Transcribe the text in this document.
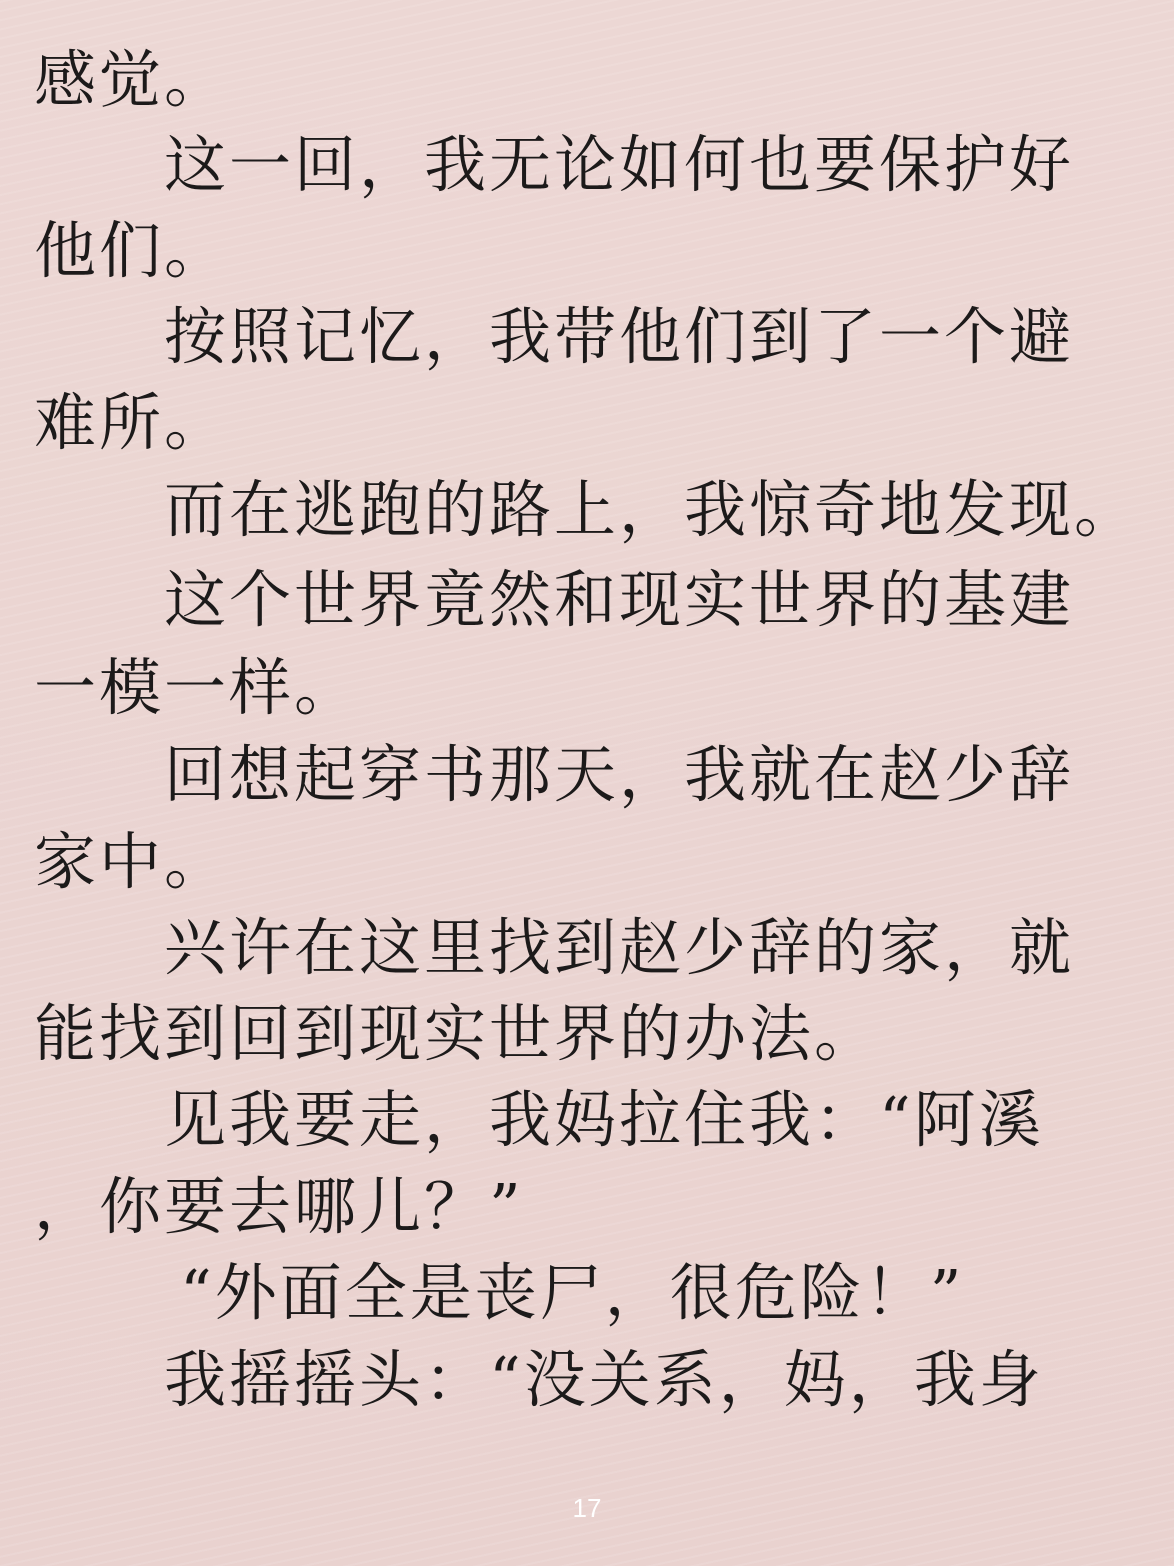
感觉。
这一回，我无论如何也要保护好
他们。
按照记忆，我带他们到了一个避
难所。
而在逃跑的路上，我惊奇地发现。
这个世界竟然和现实世界的基建
一模一样。
回想起穿书那天，我就在赵少辞
家中。
兴许在这里找到赵少辞的家，就
能找到回到现实世界的办法。
见我要走，我妈拉住我：“阿溪
，你要去哪儿？”
“外面全是丧尸，很危险！”
我摇摇头：“没关系，妈，我身
17
